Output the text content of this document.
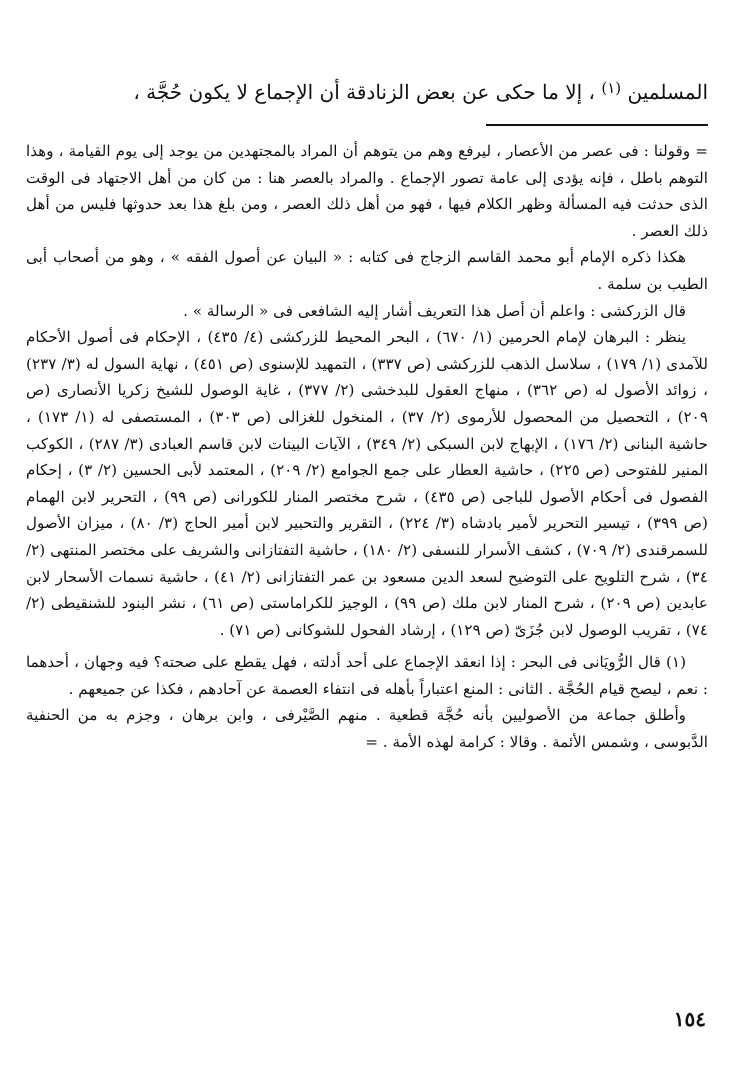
المسلمين $^{(١)}$ ، إلا ما حكى عن بعض الزنادقة أن الإجماع لا يكون حُجَّة ،

= وقولنا : فى عصر من الأعصار ، ليرفع وهم من يتوهم أن المراد بالمجتهدين من يوجد إلى يوم القيامة ، وهذا التوهم باطل ، فإنه يؤدى إلى عامة تصور الإجماع . والمراد بالعصر هنا : من كان من أهل الاجتهاد فى الوقت الذى حدثت فيه المسألة وظهر الكلام فيها ، فهو من أهل ذلك العصر ، ومن بلغ هذا بعد حدوثها فليس من أهل ذلك العصر .

هكذا ذكره الإمام أبو محمد القاسم الزجاج فى كتابه : « البيان عن أصول الفقه » ، وهو من أصحاب أبى الطيب بن سلمة .

قال الزركشى : واعلم أن أصل هذا التعريف أشار إليه الشافعى فى « الرسالة » .

ينظر : البرهان لإمام الحرمين (١/ ٦٧٠) ، البحر المحيط للزركشى (٤/ ٤٣٥) ، الإحكام فى أصول الأحكام للآمدى (١/ ١٧٩) ، سلاسل الذهب للزركشى (ص ٣٣٧) ، التمهيد للإسنوى (ص ٤٥١) ، نهاية السول له (٣/ ٢٣٧) ، زوائد الأصول له (ص ٣٦٢) ، منهاج العقول للبدخشى (٢/ ٣٧٧) ، غاية الوصول للشيخ زكريا الأنصارى (ص ٢٠٩) ، التحصيل من المحصول للأرموى (٢/ ٣٧) ، المنخول للغزالى (ص ٣٠٣) ، المستصفى له (١/ ١٧٣) ، حاشية البنانى (٢/ ١٧٦) ، الإبهاج لابن السبكى (٢/ ٣٤٩) ، الآيات البينات لابن قاسم العبادى (٣/ ٢٨٧) ، الكوكب المنير للفتوحى (ص ٢٢٥) ، حاشية العطار على جمع الجوامع (٢/ ٢٠٩) ، المعتمد لأبى الحسين (٢/ ٣) ، إحكام الفصول فى أحكام الأصول للباجى (ص ٤٣٥) ، شرح مختصر المنار للكورانى (ص ٩٩) ، التحرير لابن الهمام (ص ٣٩٩) ، تيسير التحرير لأمير بادشاه (٣/ ٢٢٤) ، التقرير والتحبير لابن أمير الحاج (٣/ ٨٠) ، ميزان الأصول للسمرقندى (٢/ ٧٠٩) ، كشف الأسرار للنسفى (٢/ ١٨٠) ، حاشية التفتازانى والشريف على مختصر المنتهى (٢/ ٣٤) ، شرح التلويح على التوضيح لسعد الدين مسعود بن عمر التفتازانى (٢/ ٤١) ، حاشية نسمات الأسحار لابن عابدين (ص ٢٠٩) ، شرح المنار لابن ملك (ص ٩٩) ، الوجيز للكراماستى (ص ٦١) ، نشر البنود للشنقيطى (٢/ ٧٤) ، تقريب الوصول لابن جُزَىّ (ص ١٢٩) ، إرشاد الفحول للشوكانى (ص ٧١) .

(١) قال الرُّويَانى فى البحر : إذا انعقد الإجماع على أحد أدلته ، فهل يقطع على صحته؟ فيه وجهان ، أحدهما : نعم ، ليصح قيام الحُجَّة . الثانى : المنع اعتباراً بأهله فى انتفاء العصمة عن آحادهم ، فكذا عن جميعهم .

وأطلق جماعة من الأصوليين بأنه حُجَّة قطعية . منهم الصَّيْرفى ، وابن برهان ، وجزم به من الحنفية الدَّبوسى ، وشمس الأئمة . وقالا : كرامة لهذه الأمة . =

١٥٤
